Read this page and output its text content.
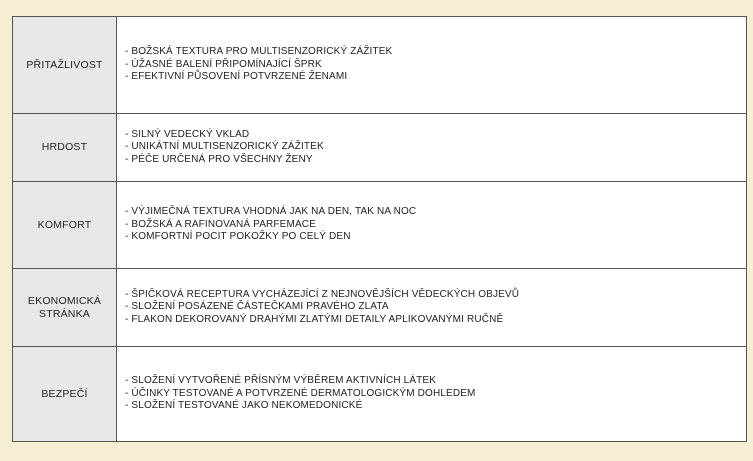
PŘITAŽLIVOST
- BOŽSKÁ TEXTURA PRO MULTISENZORICKÝ ZÁŽITEK
- ÚŽASNÉ BALENÍ PŘIPOMÍNAJÍCÍ ŠPRK
- EFEKTIVNÍ PŮSOVENÍ POTVRZENÉ ŽENAMI
HRDOST
- SILNÝ VEDECKÝ VKLAD
- UNIKÁTNÍ MULTISENZORICKÝ ZÁŽITEK
- PÉČE URČENÁ PRO VŠECHNY ŽENY
KOMFORT
- VÝJIMEČNÁ TEXTURA VHODNÁ JAK NA DEN, TAK NA NOC
- BOŽSKÁ A RAFINOVANÁ PARFEMACE
- KOMFORTNÍ POCIT POKOŽKY PO CELÝ DEN
EKONOMICKÁ
STRÁNKA
- ŠPIČKOVÁ RECEPTURA VYCHÁZEJÍCÍ Z NEJNOVĚJŠÍCH VĚDECKÝCH OBJEVŮ
- SLOŽENÍ POSÁZENÉ ČÁSTEČKAMI PRAVÉHO ZLATA
- FLAKON DEKOROVANÝ DRAHÝMI ZLATÝMI DETAILY APLIKOVANÝMI RUČNĚ
BEZPEČÍ
- SLOŽENÍ VYTVOŘENÉ PŘÍSNÝM VÝBĚREM AKTIVNÍCH LÁTEK
- ÚČINKY TESTOVANÉ A POTVRZENÉ DERMATOLOGICKÝM DOHLEDEM
- SLOŽENÍ TESTOVANÉ JAKO NEKOMEDONICKÉ
